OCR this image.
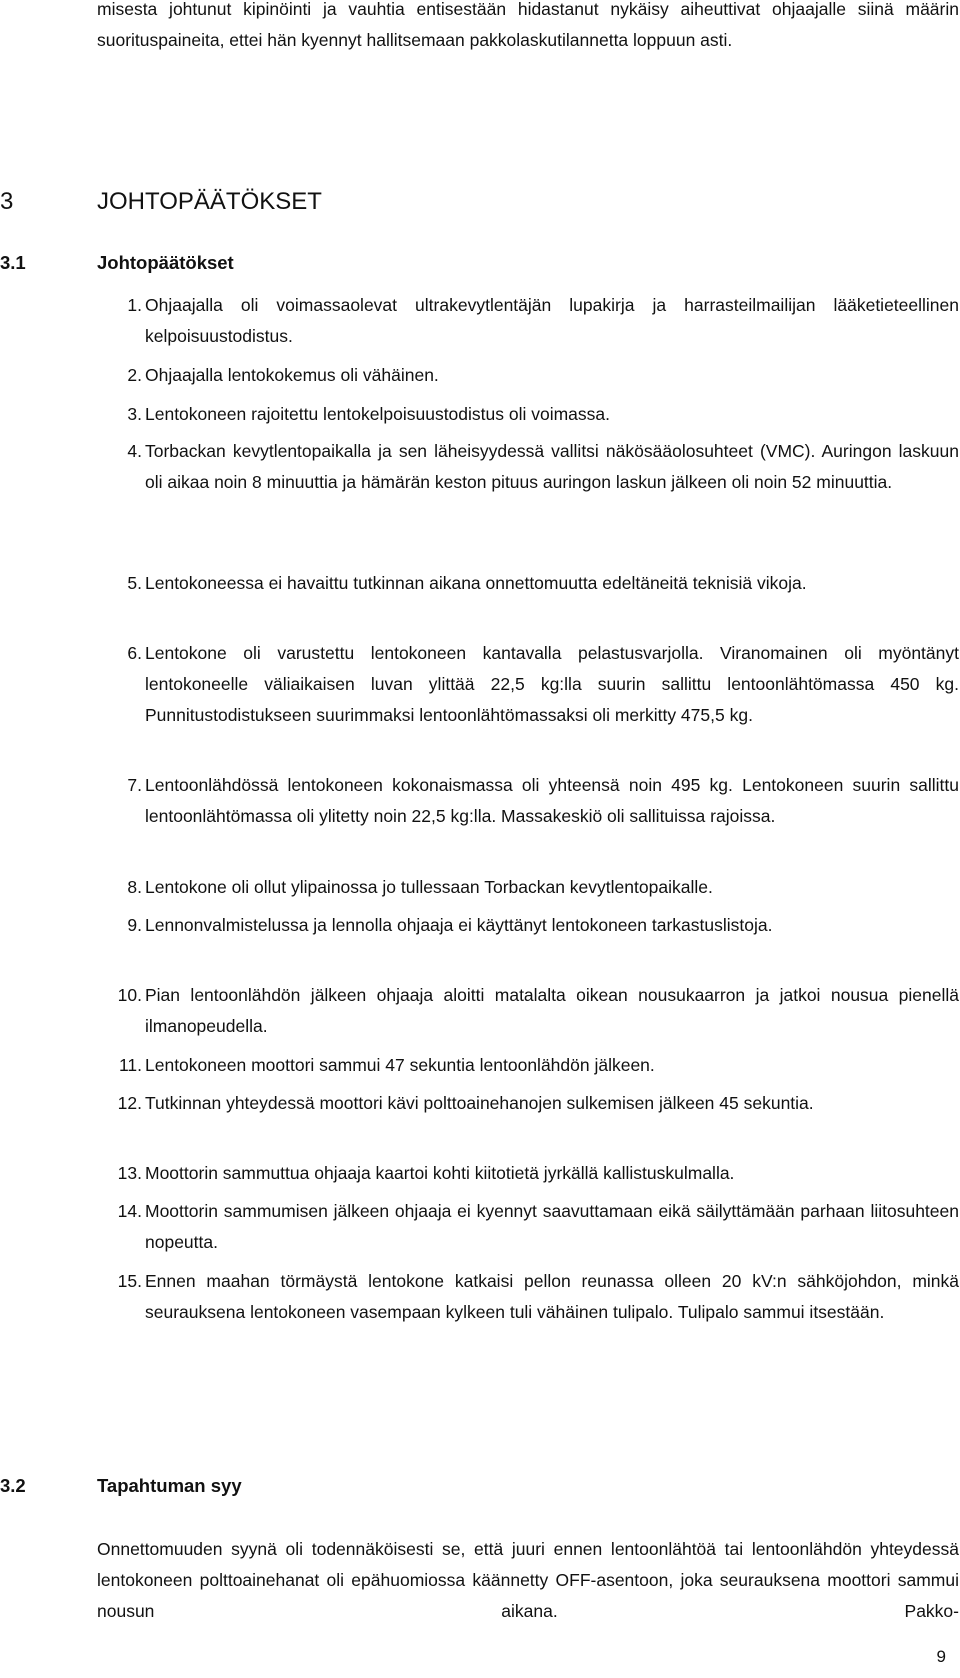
misesta johtunut kipinöinti ja vauhtia entisestään hidastanut nykäisy aiheuttivat ohjaajalle siinä määrin suorituspaineita, ettei hän kyennyt hallitsemaan pakkolaskutilannetta loppuun asti.

3	JOHTOPÄÄTÖKSET
3.1	Johtopäätökset
1. Ohjaajalla oli voimassaolevat ultrakevytlentäjän lupakirja ja harrasteilmailijan lääketieteellinen kelpoisuustodistus.
2. Ohjaajalla lentokokemus oli vähäinen.
3. Lentokoneen rajoitettu lentokelpoisuustodistus oli voimassa.
4. Torbackan kevytlentopaikalla ja sen läheisyydessä vallitsi näkösääolosuhteet (VMC). Auringon laskuun oli aikaa noin 8 minuuttia ja hämärän keston pituus auringon laskun jälkeen oli noin 52 minuuttia.
5. Lentokoneessa ei havaittu tutkinnan aikana onnettomuutta edeltäneitä teknisiä vikoja.
6. Lentokone oli varustettu lentokoneen kantavalla pelastusvarjolla. Viranomainen oli myöntänyt lentokoneelle väliaikaisen luvan ylittää 22,5 kg:lla suurin sallittu lentoonlähtömassa 450 kg. Punnitustodistukseen suurimmaksi lentoonlähtömassaksi oli merkitty 475,5 kg.
7. Lentoonlähdössä lentokoneen kokonaismassa oli yhteensä noin 495 kg. Lentokoneen suurin sallittu lentoonlähtömassa oli ylitetty noin 22,5 kg:lla. Massakeskiö oli sallituissa rajoissa.
8. Lentokone oli ollut ylipainossa jo tullessaan Torbackan kevytlentopaikalle.
9. Lennonvalmistelussa ja lennolla ohjaaja ei käyttänyt lentokoneen tarkastuslistoja.
10. Pian lentoonlähdön jälkeen ohjaaja aloitti matalalta oikean nousukaarron ja jatkoi nousua pienellä ilmanopeudella.
11. Lentokoneen moottori sammui 47 sekuntia lentoonlähdön jälkeen.
12. Tutkinnan yhteydessä moottori kävi polttoainehanojen sulkemisen jälkeen 45 sekuntia.
13. Moottorin sammuttua ohjaaja kaartoi kohti kiitotietä jyrkällä kallistuskulmalla.
14. Moottorin sammumisen jälkeen ohjaaja ei kyennyt saavuttamaan eikä säilyttämään parhaan liitosuhteen nopeutta.
15. Ennen maahan törmäystä lentokone katkaisi pellon reunassa olleen 20 kV:n sähköjohdon, minkä seurauksena lentokoneen vasempaan kylkeen tuli vähäinen tulipalo. Tulipalo sammui itsestään.
3.2	Tapahtuman syy

Onnettomuuden syynä oli todennäköisesti se, että juuri ennen lentoonlähtöä tai lentoonlähdön yhteydessä lentokoneen polttoainehanat oli epähuomiossa käännetty OFF-asentoon, joka seurauksena moottori sammui nousun aikana. Pakko-

9
